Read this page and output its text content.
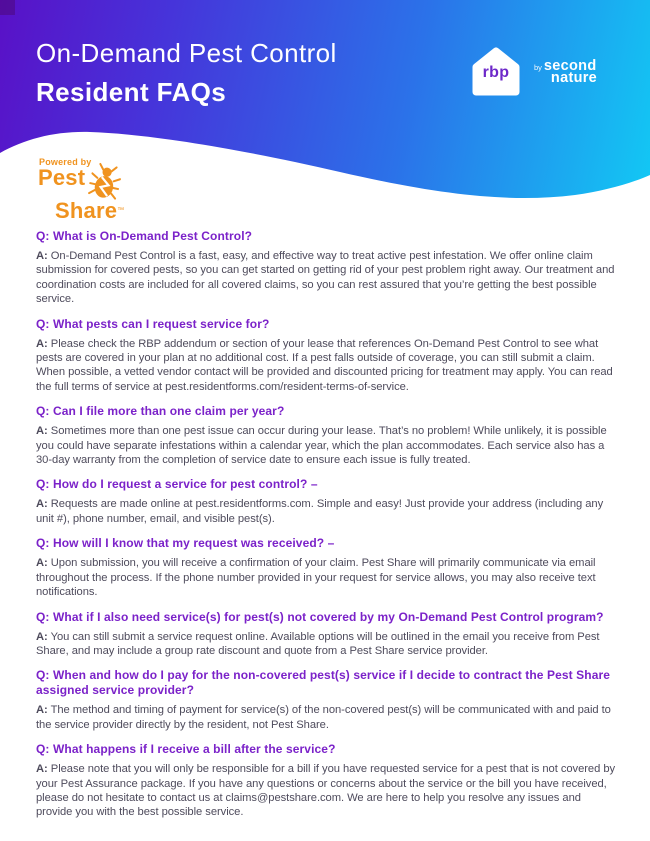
On-Demand Pest Control
Resident FAQs
rbp	by second
nature
Powered by
Pest
Share™
Q: What is On-Demand Pest Control?

A: On-Demand Pest Control is a fast, easy, and effective way to treat active pest infestation. We offer online claim submission for covered pests, so you can get started on getting rid of your pest problem right away. Our treatment and coordination costs are included for all covered claims, so you can rest assured that you’re getting the best possible service.

Q: What pests can I request service for?

A: Please check the RBP addendum or section of your lease that references On-Demand Pest Control to see what pests are covered in your plan at no additional cost. If a pest falls outside of coverage, you can still submit a claim. When possible, a vetted vendor contact will be provided and discounted pricing for treatment may apply. You can read the full terms of service at pest.residentforms.com/resident-terms-of-service.

Q: Can I file more than one claim per year?

A: Sometimes more than one pest issue can occur during your lease. That’s no problem! While unlikely, it is possible you could have separate infestations within a calendar year, which the plan accommodates. Each service also has a 30-day warranty from the completion of service date to ensure each issue is fully treated.

Q: How do I request a service for pest control? –

A: Requests are made online at pest.residentforms.com. Simple and easy! Just provide your address (including any unit #), phone number, email, and visible pest(s).

Q: How will I know that my request was received? –

A: Upon submission, you will receive a confirmation of your claim. Pest Share will primarily communicate via email throughout the process. If the phone number provided in your request for service allows, you may also receive text notifications.

Q: What if I also need service(s) for pest(s) not covered by my On-Demand Pest Control program?

A: You can still submit a service request online. Available options will be outlined in the email you receive from Pest Share, and may include a group rate discount and quote from a Pest Share service provider.

Q: When and how do I pay for the non-covered pest(s) service if I decide to contract the Pest Share assigned service provider?

A: The method and timing of payment for service(s) of the non-covered pest(s) will be communicated with and paid to the service provider directly by the resident, not Pest Share.

Q: What happens if I receive a bill after the service?

A: Please note that you will only be responsible for a bill if you have requested service for a pest that is not covered by your Pest Assurance package. If you have any questions or concerns about the service or the bill you have received, please do not hesitate to contact us at claims@pestshare.com. We are here to help you resolve any issues and provide you with the best possible service.
